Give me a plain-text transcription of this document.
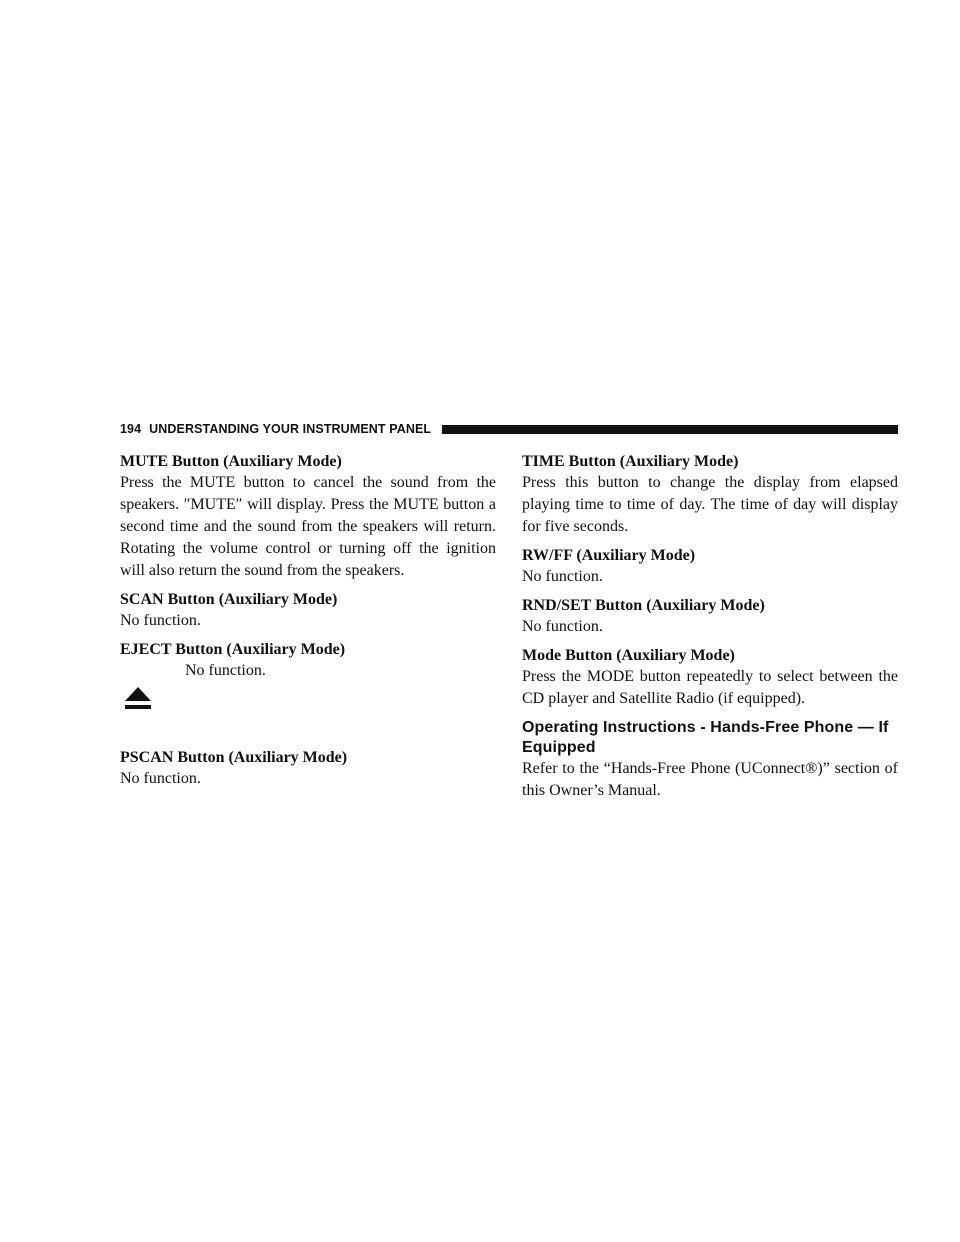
194 UNDERSTANDING YOUR INSTRUMENT PANEL

MUTE Button (Auxiliary Mode)

Press the MUTE button to cancel the sound from the speakers. ″MUTE″ will display. Press the MUTE button a second time and the sound from the speakers will return. Rotating the volume control or turning off the ignition will also return the sound from the speakers.

SCAN Button (Auxiliary Mode)

No function.

EJECT Button (Auxiliary Mode)

No function.

PSCAN Button (Auxiliary Mode)

No function.

TIME Button (Auxiliary Mode)

Press this button to change the display from elapsed playing time to time of day. The time of day will display for five seconds.

RW/FF (Auxiliary Mode)

No function.

RND/SET Button (Auxiliary Mode)

No function.

Mode Button (Auxiliary Mode)

Press the MODE button repeatedly to select between the CD player and Satellite Radio (if equipped).

Operating Instructions - Hands-Free Phone — If Equipped

Refer to the “Hands-Free Phone (UConnect®)” section of this Owner’s Manual.
